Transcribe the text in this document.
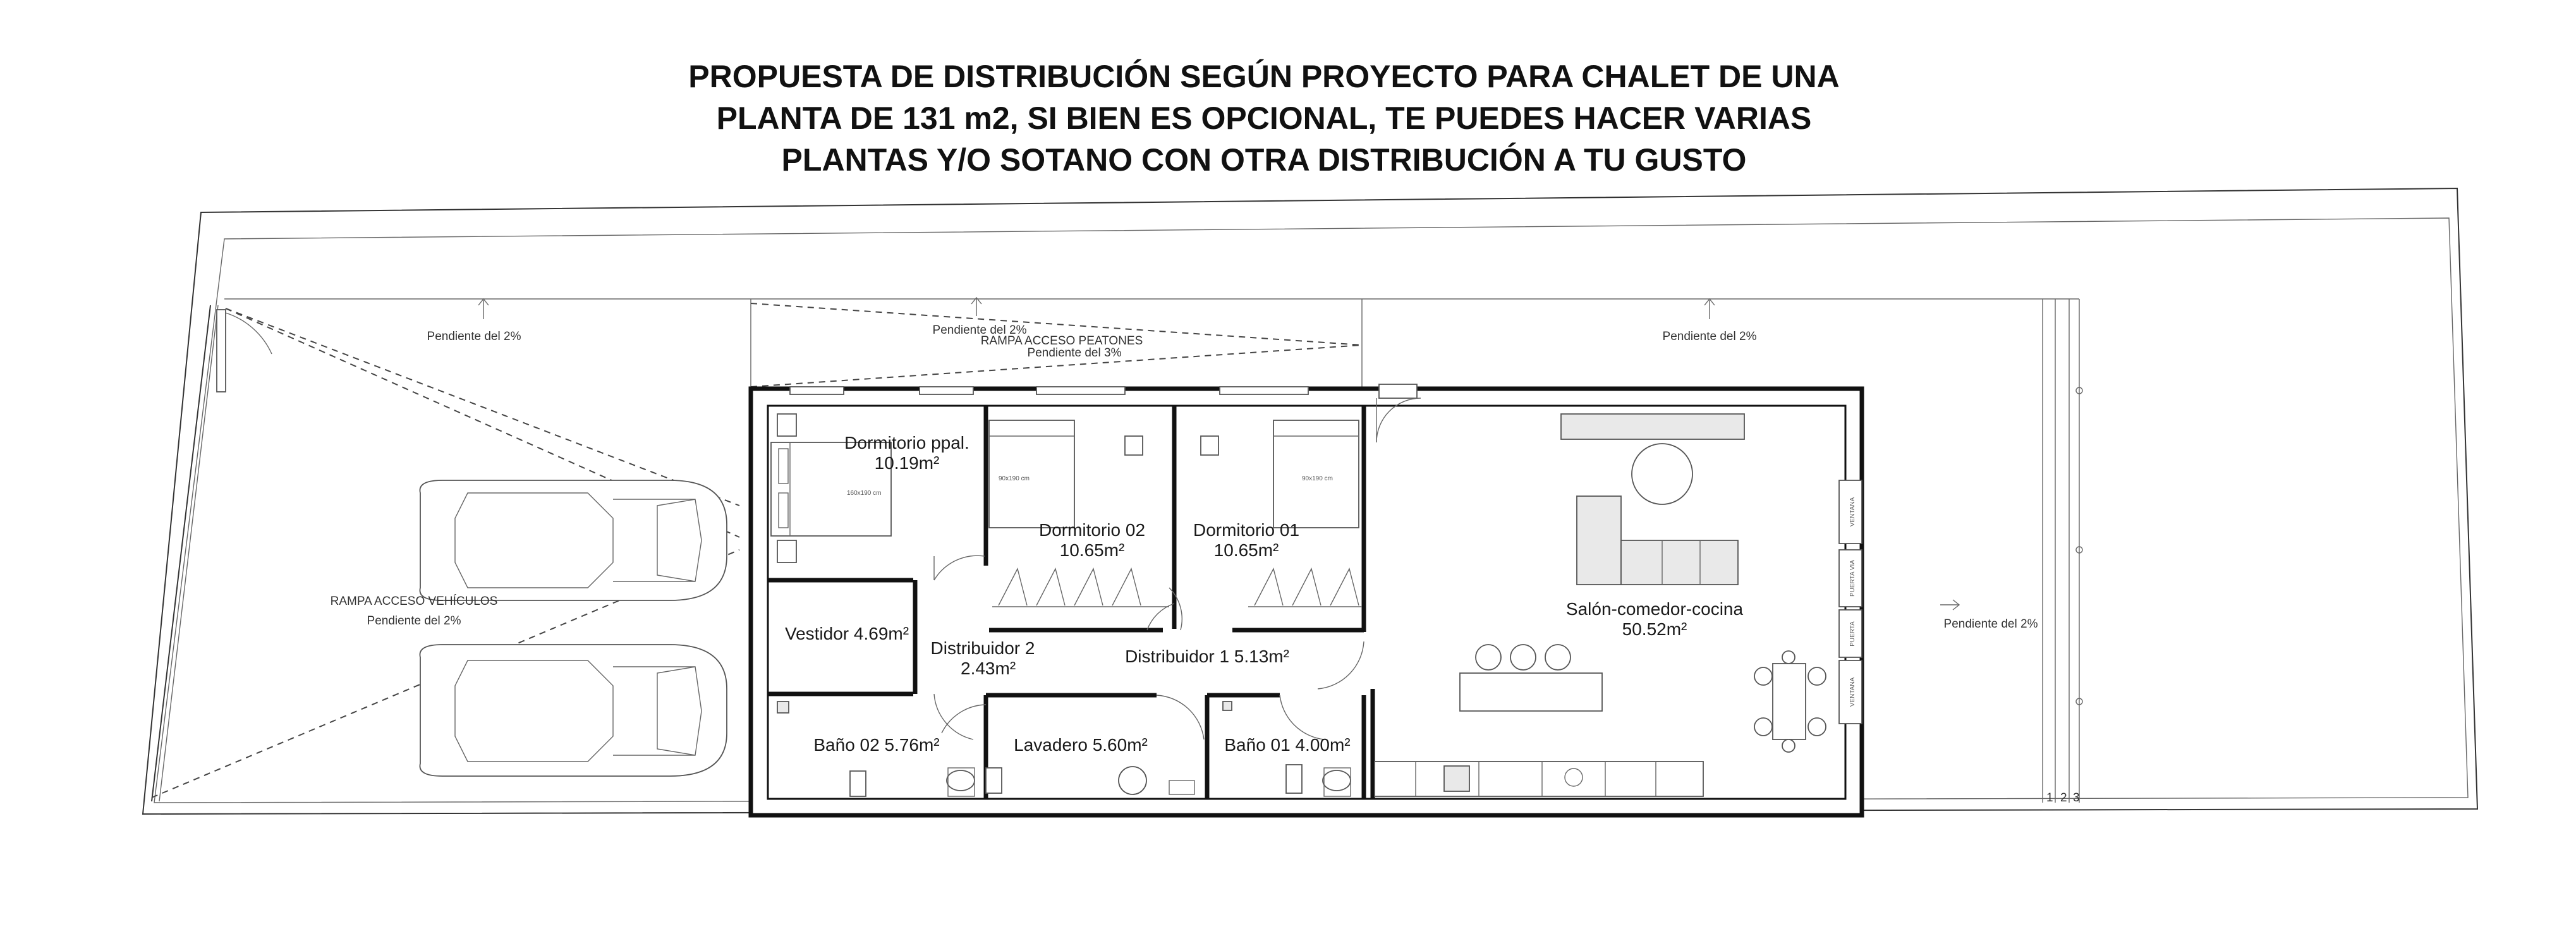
PROPUESTA DE DISTRIBUCIÓN SEGÚN PROYECTO PARA CHALET DE UNA
PLANTA DE 131 m2, SI BIEN ES OPCIONAL, TE PUEDES HACER VARIAS
PLANTAS Y/O SOTANO CON OTRA DISTRIBUCIÓN A TU GUSTO
160x190 cm
90x190 cm	90x190 cm
Dormitorio ppal.
10.19m²
Dormitorio 02
10.65m²
Dormitorio 01
10.65m²
Salón-comedor-cocina
50.52m²
Vestidor 4.69m²
Distribuidor 2
2.43m²
Distribuidor 1 5.13m²
Baño 02 5.76m²	Lavadero 5.60m²	Baño 01 4.00m²
Pendiente del 2%	Pendiente del 2%
RAMPA ACCESO PEATONES
Pendiente del 3%
Pendiente del 2%
Pendiente del 2%
RAMPA ACCESO VEHÍCULOS
Pendiente del 2%
VENTANA
PUERTA VIA
PUERTA
VENTANA
1 2 3
